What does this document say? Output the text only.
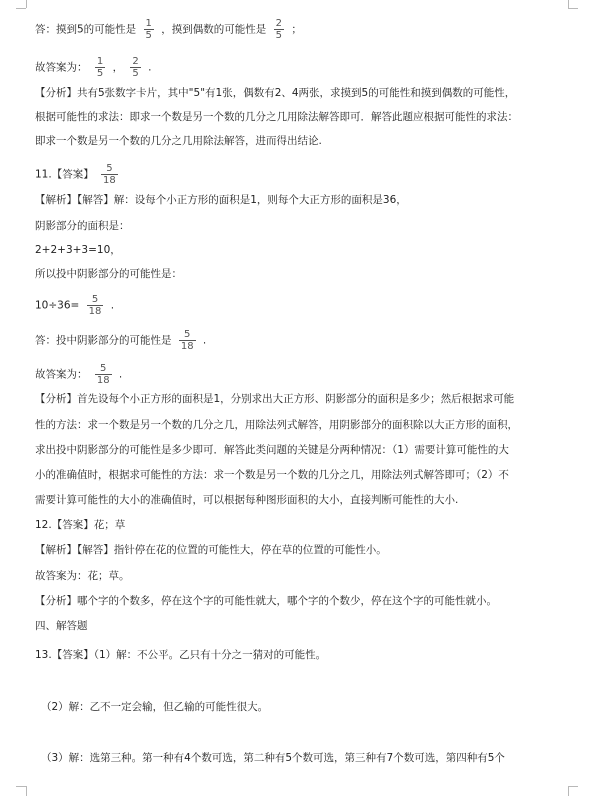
答：摸到5的可能性是 $\frac{1}{5}$ ，摸到偶数的可能性是 $\frac{2}{5}$ ；
故答案为： $\frac{1}{5}$ ， $\frac{2}{5}$ .
【分析】共有5张数字卡片，其中"5"有1张，偶数有2、4两张，求摸到5的可能性和摸到偶数的可能性，
根据可能性的求法：即求一个数是另一个数的几分之几用除法解答即可．解答此题应根据可能性的求法：
即求一个数是另一个数的几分之几用除法解答，进而得出结论.
11.【答案】 $\frac{5}{18}$
【解析】【解答】解：设每个小正方形的面积是1，则每个大正方形的面积是36，
阴影部分的面积是：
2+2+3+3=10，
所以投中阴影部分的可能性是：
$10\div 36= \frac{5}{18}$ .
答：投中阴影部分的可能性是 $\frac{5}{18}$ .
故答案为： $\frac{5}{18}$ .
【分析】首先设每个小正方形的面积是1，分别求出大正方形、阴影部分的面积是多少；然后根据求可能
性的方法：求一个数是另一个数的几分之几，用除法列式解答，用阴影部分的面积除以大正方形的面积，
求出投中阴影部分的可能性是多少即可．解答此类问题的关键是分两种情况：（1）需要计算可能性的大
小的准确值时，根据求可能性的方法：求一个数是另一个数的几分之几，用除法列式解答即可；（2）不
需要计算可能性的大小的准确值时，可以根据每种图形面积的大小，直接判断可能性的大小.
12.【答案】花；草
【解析】【解答】指针停在花的位置的可能性大，停在草的位置的可能性小。
故答案为：花；草。
【分析】哪个字的个数多，停在这个字的可能性就大，哪个字的个数少，停在这个字的可能性就小。
四、解答题
13.【答案】（1）解：不公平。乙只有十分之一猜对的可能性。
（2）解：乙不一定会输，但乙输的可能性很大。
（3）解：选第三种。第一种有4个数可选，第二种有5个数可选，第三种有7个数可选，第四种有5个
